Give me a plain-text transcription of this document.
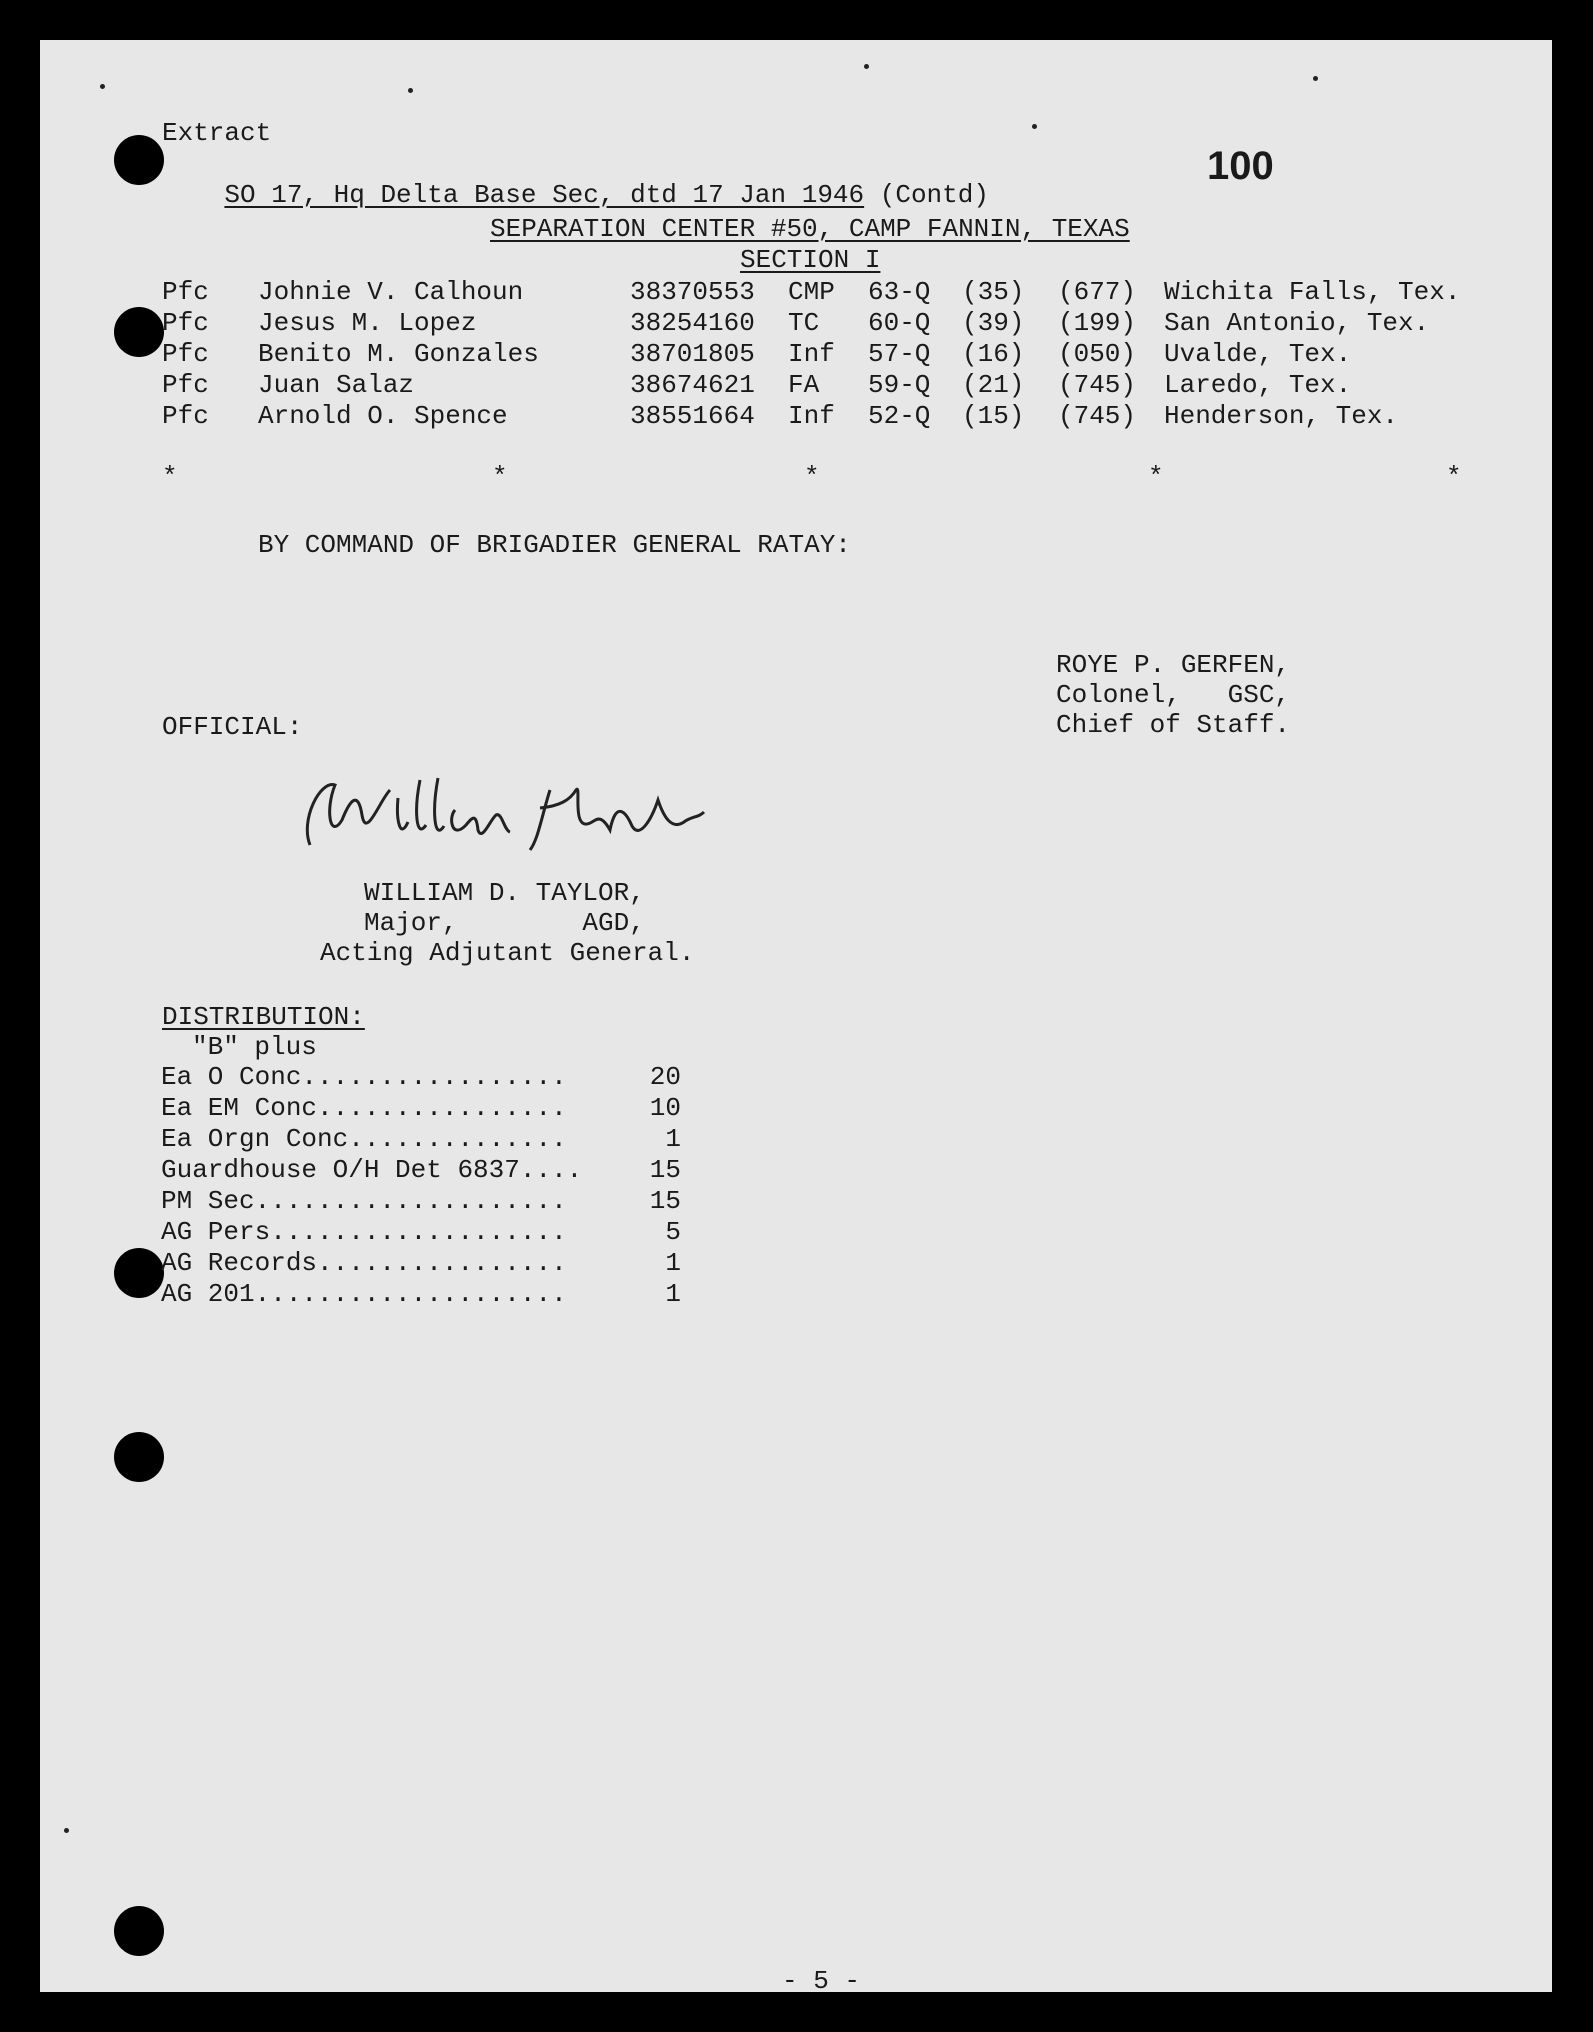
Extract

SO 17, Hq Delta Base Sec, dtd 17 Jan 1946 (Contd)

100
SEPARATION CENTER #50, CAMP FANNIN, TEXAS
SECTION I
Pfc Johnie V. Calhoun	38370553 CMP 63-Q (35) (677) Wichita Falls, Tex.
Pfc Jesus M. Lopez	38254160 TC 60-Q (39) (199) San Antonio, Tex.
Pfc Benito M. Gonzales	38701805 Inf 57-Q (16) (050) Uvalde, Tex.
Pfc Juan Salaz	38674621 FA 59-Q (21) (745) Laredo, Tex.
Pfc Arnold O. Spence	38551664 Inf 52-Q (15) (745) Henderson, Tex.
*	*	*	*	*
BY COMMAND OF BRIGADIER GENERAL RATAY:
ROYE P. GERFEN,
Colonel,   GSC,
Chief of Staff.
OFFICIAL:
William D. Taylor
WILLIAM D. TAYLOR,
Major,        AGD,
Acting Adjutant General.
DISTRIBUTION:
"B" plus
Ea O Conc.................	20
Ea EM Conc................	10
Ea Orgn Conc..............	1
Guardhouse O/H Det 6837....	15
PM Sec....................	15
AG Pers...................	5
AG Records................	1
AG 201....................	1
- 5 -
